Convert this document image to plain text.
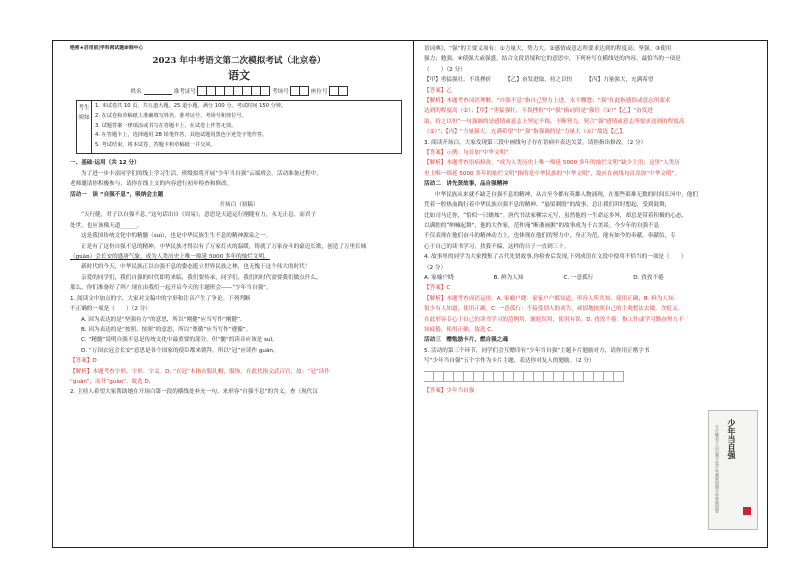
绝密★启用前|学科网试题命制中心
2023 年中考语文第二次模拟考试（北京卷）
语文
姓名	准考证号	考场号	座位号
考生须知
1. 本试卷共 10 页，共五道大题，25 道小题，满分 100 分。考试时间 150 分钟。
2. 在试卷和草稿纸上准确填写姓名、准考证号、考场号和座位号。
3. 试题答案一律填涂或书写在答题卡上，在试卷上作答无效。
4. 在答题卡上，选择题用 2B 铅笔作答，其他试题用黑色字迹签字笔作答。
5. 考试结束，将本试卷、答题卡和草稿纸一并交回。
一、基础·运用（共 12 分）
为了进一步丰富同学们的线上学习生活，班级拟将开展“少年当自强”云端班会。活动准备过程中，
老师邀请你积极参与，请你在线上文的内容进行初步检查和修改。
活动一　读 “自强不息”，吸纳会主题
开场白（初稿）
“天行健，君子以自强不息。”这句话出自《周易》，意思是天道运行刚健有力，永无止息。而君子
处世，也应该像天道______。
这是我国传统文化中的精髓（suì），也是中华民族生生不息的精神源泉之一。
正是有了这份自强不息的精神，中华民族才得以有了万家灯火的温暖，铸就了万家奋斗的豪迈长歌，创造了万里长城
（guān）会长安的盛唐气象，成为人类历史上唯一绵延 5000 多年的灿烂文明。
新时代的今天，中华民族正以自强不息的姿态挺立世界民族之林，也无愧于这个伟大的时代！
亲爱的同学们，我们自强的时代即将来临，我们要传承，同学们，我们的时代需要我们做点什么。
那么，你们准备好了吗？现在由我们一起开启今天的主题班会——“少年当自强”。
1. 阅读文中加点的字，大家对文稿中的字形和注音产生了争论。下列判断
不正确的一项是（　　）（2 分）
A. 因为表达的是“坚强有力”的意思，所以“刚健”应当写作“刚健”。
B. 因为表达的是“按照、按照”的意思，所以“尊循”应当写作“遵循”。
C. “精髓”说明自强不息是传统文化中最重要的部分，但“髓”的读音应该是 suǐ。
D. “万国衣冠会长安”意思是各个国家的使臣都来朝拜，所以“冠”应读作 guān。
【答案】D
【解析】本题考查字形、字形、字义。D. “衣冠”本指衣服礼帽，服饰，在此代指文武百官，故：“冠”读作
“guān”，而非“guàn”。故选 D。
2. 主持人希望大家帮助她在开场白第一段的横线处补充一句，来形容“自强不息”的含义。查（现代汉
语词典》，“强”的主要义项有：①力量大，势力大。②感情或意志所要求达到的程度高；坚强。③使用
强力；勉强。④使强大或强盛。结合文段语境和它的意思中，下列补写在横线处的内容，最恰当的一项是
（　　）（2 分）
【甲】勇猛强壮，不畏挫折	【乙】奋发进取，持之以恒	【丙】力量强大，充满希望
【答案】乙
【解析】本题考查词语理解。“自强不息”指自己努力上进，永不懈怠；“强”在此指感情或意志所要求
达到的程度高（②）；【甲】“勇猛强壮，不畏挫折”中“强”指词的是“强壮（①）”【乙】“奋发进
取，持之以恒”一句强调的是感情或意志上坚定不移、不断努力，契合“强”感情或意志所要求达到的程度高
（②）”；【丙】“力量强大，充满希望”中“强”指强调的是“力量大（①）”故选【乙】。
3. 阅读开场白，大家发现第三段中画线句子存在语病中表达欠妥，请你指出修改。（2 分）
【答案】示例：句首加“中华文明”
【解析】本题考查语病修改。“成为人类历史上唯一绵延 5000 多年的灿烂文明”缺少主语；这里“人类历
史上唯一绵延 5000 多年的灿烂文明”指的是中华民族的“中华文明”，故应在画线句首添加“中华文明”。
活动二　讲先贤故事，品自强精神
中华民族从来就不缺乏自强不息的精神，从古至今都有英雄人物涌现，在那些艰难无数的时间长河中，他们
凭着一腔热血践行着中华民族自强不息的精神。“悬梁刺股”的故事，总让我们时时想起，受到鼓舞，
比如司马迁你，“恰似一只蜡烛”。唐代书法家柳宗元写，虽然他的一生命运多舛，却总是带着积极的心态，
以满腔的“呐喊起舞”，他的大作家。范仲淹“断齑画粥”的故事成为千古美谈。今少年的自强不息
不仅表现在他们奋斗的精神动力上，也体现在他们的努力中，身正为范，能有如今的奉献，奉献给，专
心于自己的读书学习，扶我不偏，这样的日子一直到三十。
4. 故事里的同学为大家搜集了古代先贤故事,你检查后发现,下列成语在文段中使用不恰当的一项是（　　）
（2 分）
A. 家喻户晓	B. 鲜为人知	C. 一意孤行	D. 孜孜不倦
【答案】C
【解析】本题考查成语运用。A. 家喻户晓：家家户户都知道，形容人所共知。使用正确；B. 鲜为人知：
很少有人知道，使用正确。C. 一意孤行：不接受别人的劝告，顽固地按照自己的主观想法去做。含贬义。
在此形容专心于自己的读书学习的范例用，褒贬误用，使用有误；D. 孜孜不倦：指工作或学习勤奋努力不
知疲倦，使用正确。故选 C。
活动三　赠勉励卡片，燃自强之魂
5. 活动的第三个环节，同学们会互赠印有“少年当自强”主题卡片勉励对方，请你用正楷字书
写“少年当自强”五个字作为卡片主题，表达你对友人的勉励。（2 分）
【答案】少年当自强
少年当自强
天行健君子以自强不息少年强则国强少年智则国智
